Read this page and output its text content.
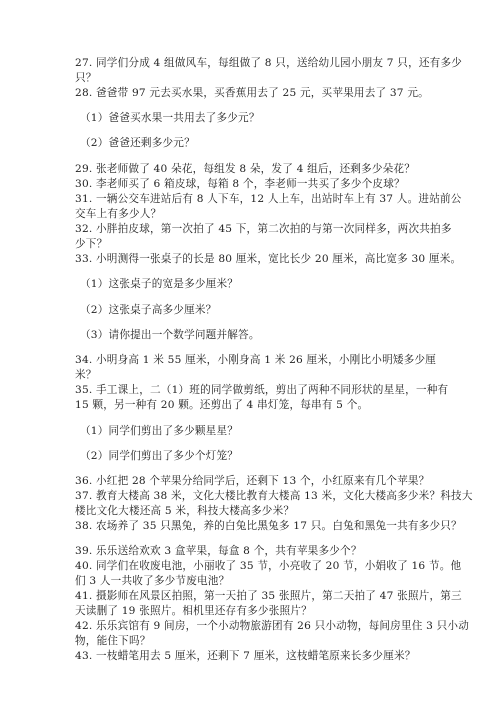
27. 同学们分成 4 组做风车，每组做了 8 只，送给幼儿园小朋友 7 只，还有多少

只？

28. 爸爸带 97 元去买水果，买香蕉用去了 25 元，买苹果用去了 37 元。

（1）爸爸买水果一共用去了多少元？

（2）爸爸还剩多少元？

29. 张老师做了 40 朵花，每组发 8 朵，发了 4 组后，还剩多少朵花？

30. 李老师买了 6 箱皮球，每箱 8 个，李老师一共买了多少个皮球？

31. 一辆公交车进站后有 8 人下车，12 人上车，出站时车上有 37 人。进站前公

交车上有多少人？

32. 小胖拍皮球，第一次拍了 45 下，第二次拍的与第一次同样多，两次共拍多

少下？

33. 小明测得一张桌子的长是 80 厘米，宽比长少 20 厘米，高比宽多 30 厘米。

（1）这张桌子的宽是多少厘米？

（2）这张桌子高多少厘米？

（3）请你提出一个数学问题并解答。

34. 小明身高 1 米 55 厘米，小刚身高 1 米 26 厘米，小刚比小明矮多少厘

米？

35. 手工课上，二（1）班的同学做剪纸，剪出了两种不同形状的星星，一种有

15 颗，另一种有 20 颗。还剪出了 4 串灯笼，每串有 5 个。

（1）同学们剪出了多少颗星星？

（2）同学们剪出了多少个灯笼？

36. 小红把 28 个苹果分给同学后，还剩下 13 个，小红原来有几个苹果？

37. 教育大楼高 38 米，文化大楼比教育大楼高 13 米，文化大楼高多少米？科技大

楼比文化大楼还高 5 米，科技大楼高多少米？

38. 农场养了 35 只黑兔，养的白兔比黑兔多 17 只。白兔和黑兔一共有多少只？

39. 乐乐送给欢欢 3 盒苹果，每盒 8 个，共有苹果多少个？

40. 同学们在收废电池，小丽收了 35 节，小亮收了 20 节，小娟收了 16 节。他

们 3 人一共收了多少节废电池？

41. 摄影师在风景区拍照，第一天拍了 35 张照片，第二天拍了 47 张照片，第三

天读删了 19 张照片。相机里还存有多少张照片？

42. 乐乐宾馆有 9 间房，一个小动物旅游团有 26 只小动物，每间房里住 3 只小动

物，能住下吗？

43. 一枝蜡笔用去 5 厘米，还剩下 7 厘米，这枝蜡笔原来长多少厘米？
